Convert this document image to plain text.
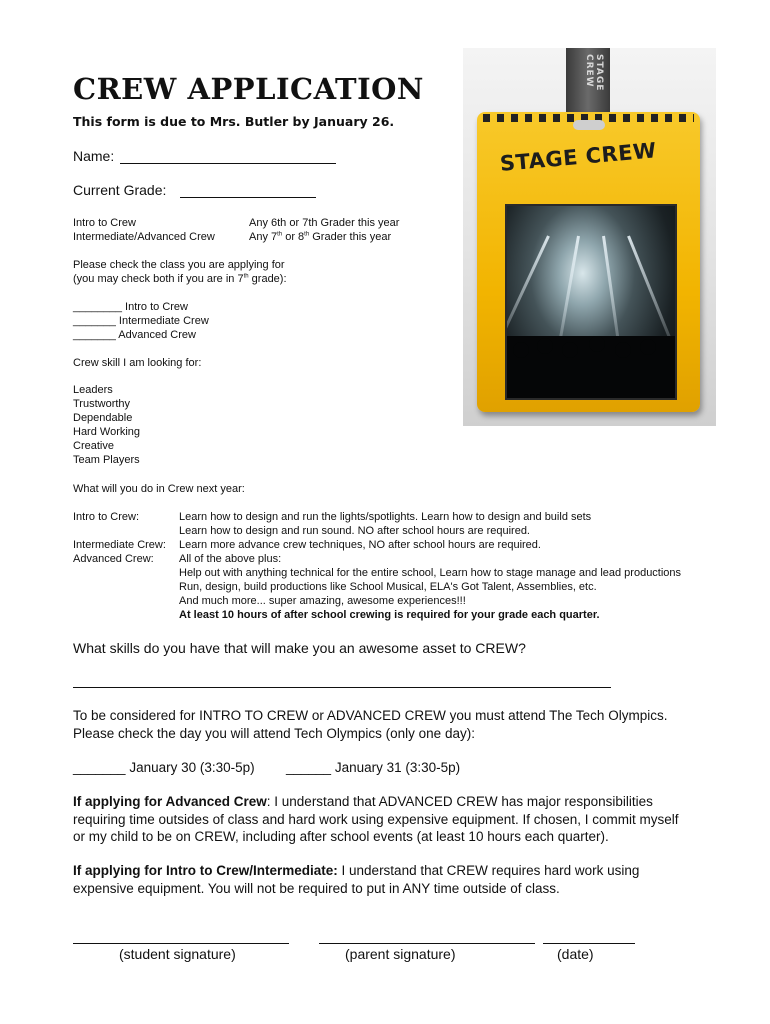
CREW APPLICATION
This form is due to Mrs. Butler by January 26.
Name:
Current Grade:
Intro to Crew	Any 6th or 7th Grader this year
Intermediate/Advanced Crew	Any 7th or 8th Grader this year
Please check the class you are applying for
(you may check both if you are in 7th grade):
________ Intro to Crew
_______ Intermediate Crew
_______ Advanced Crew
Crew skill I am looking for:
Leaders
Trustworthy
Dependable
Hard Working
Creative
Team Players
What will you do in Crew next year:
Intro to Crew:	Learn how to design and run the lights/spotlights. Learn how to design and build sets
Learn how to design and run sound. NO after school hours are required.
Intermediate Crew: Learn more advance crew techniques, NO after school hours are required.
Advanced Crew: All of the above plus:
Help out with anything technical for the entire school, Learn how to stage manage and lead productions
Run, design, build productions like School Musical, ELA's Got Talent, Assemblies, etc.
And much more... super amazing, awesome experiences!!!
At least 10 hours of after school crewing is required for your grade each quarter.
What skills do you have that will make you an awesome asset to CREW?
To be considered for INTRO TO CREW or ADVANCED CREW you must attend The Tech Olympics.
Please check the day you will attend Tech Olympics (only one day):
_______ January 30 (3:30-5p) ______ January 31 (3:30-5p)
If applying for Advanced Crew: I understand that ADVANCED CREW has major responsibilities
requiring time outsides of class and hard work using expensive equipment. If chosen, I commit myself
or my child to be on CREW, including after school events (at least 10 hours each quarter).
If applying for Intro to Crew/Intermediate: I understand that CREW requires hard work using
expensive equipment. You will not be required to put in ANY time outside of class.
(student signature)	(parent signature)	(date)
STAGE CREW
STAGE CREW
